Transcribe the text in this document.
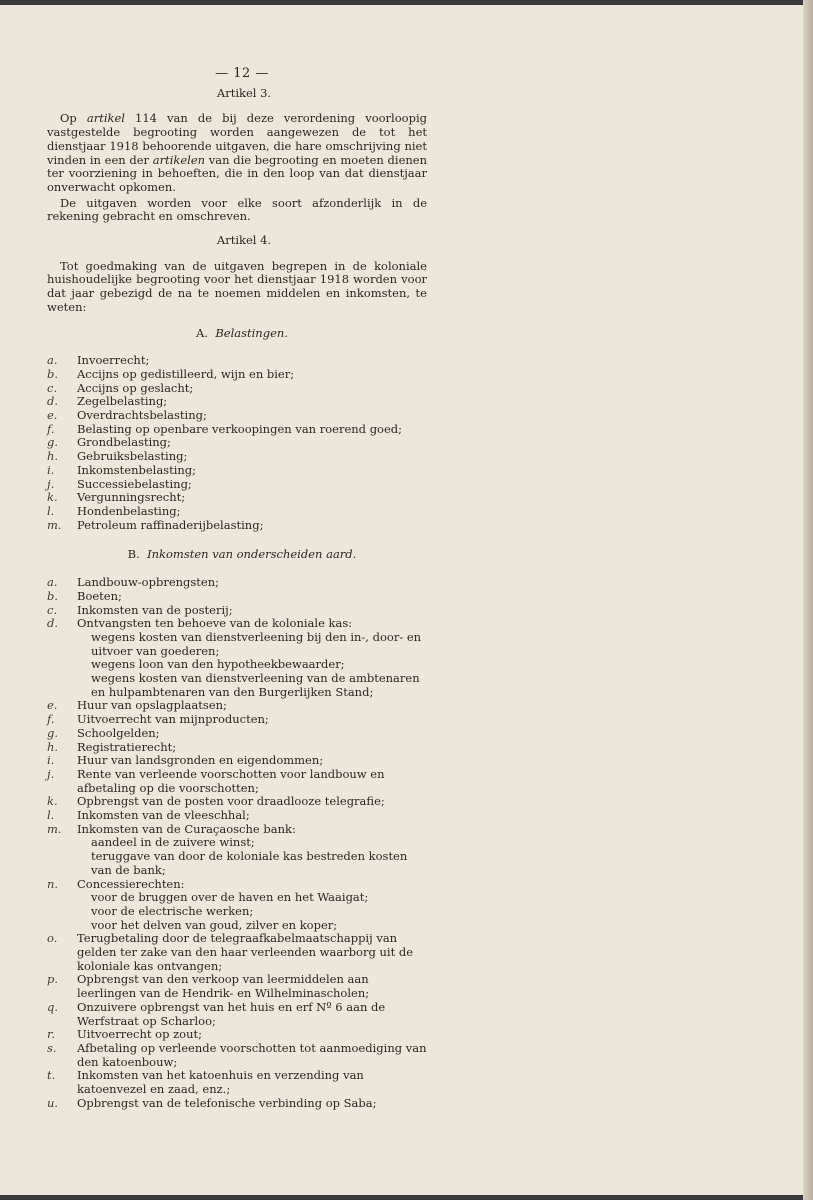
— 12 —
Artikel 3.

Op artikel 114 van de bij deze verordening voorloopig vastgestelde begrooting worden aangewezen de tot het dienstjaar 1918 behoorende uitgaven, die hare omschrijving niet vinden in een der artikelen van die begrooting en moeten dienen ter voorziening in behoeften, die in den loop van dat dienstjaar onverwacht opkomen.

De uitgaven worden voor elke soort afzonderlijk in de rekening gebracht en omschreven.

Artikel 4.

Tot goedmaking van de uitgaven begrepen in de koloniale huishoudelijke begrooting voor het dienstjaar 1918 worden voor dat jaar gebezigd de na te noemen middelen en inkomsten, te weten:

A. Belastingen.
a.	Invoerrecht;
b.	Accijns op gedistilleerd, wijn en bier;
c.	Accijns op geslacht;
d.	Zegelbelasting;
e.	Overdrachtsbelasting;
f.	Belasting op openbare verkoopingen van roerend goed;
g.	Grondbelasting;
h.	Gebruiksbelasting;
i.	Inkomstenbelasting;
j.	Successiebelasting;
k.	Vergunningsrecht;
l.	Hondenbelasting;
m.	Petroleum raffinaderijbelasting;
B. Inkomsten van onderscheiden aard.
a.	Landbouw-opbrengsten;
b.	Boeten;
c.	Inkomsten van de posterij;
d.	Ontvangsten ten behoeve van de koloniale kas:
wegens kosten van dienstverleening bij den in-, door- en uitvoer van goederen;
wegens loon van den hypotheekbewaarder;
wegens kosten van dienstverleening van de ambtenaren en hulpambtenaren van den Burgerlijken Stand;
e.	Huur van opslagplaatsen;
f.	Uitvoerrecht van mijnproducten;
g.	Schoolgelden;
h.	Registratierecht;
i.	Huur van landsgronden en eigendommen;
j.	Rente van verleende voorschotten voor landbouw en afbetaling op die voorschotten;
k.	Opbrengst van de posten voor draadlooze telegrafie;
l.	Inkomsten van de vleeschhal;
m.	Inkomsten van de Curaçaosche bank:
aandeel in de zuivere winst;
teruggave van door de koloniale kas bestreden kosten van de bank;
n.	Concessierechten:
voor de bruggen over de haven en het Waaigat;
voor de electrische werken;
voor het delven van goud, zilver en koper;
o.	Terugbetaling door de telegraafkabelmaatschappij van gelden ter zake van den haar verleenden waarborg uit de koloniale kas ontvangen;
p.	Opbrengst van den verkoop van leermiddelen aan leerlingen van de Hendrik- en Wilhelminascholen;
q.	Onzuivere opbrengst van het huis en erf Nº 6 aan de Werfstraat op Scharloo;
r.	Uitvoerrecht op zout;
s.	Afbetaling op verleende voorschotten tot aanmoediging van den katoenbouw;
t.	Inkomsten van het katoenhuis en verzending van katoenvezel en zaad, enz.;
u.	Opbrengst van de telefonische verbinding op Saba;
